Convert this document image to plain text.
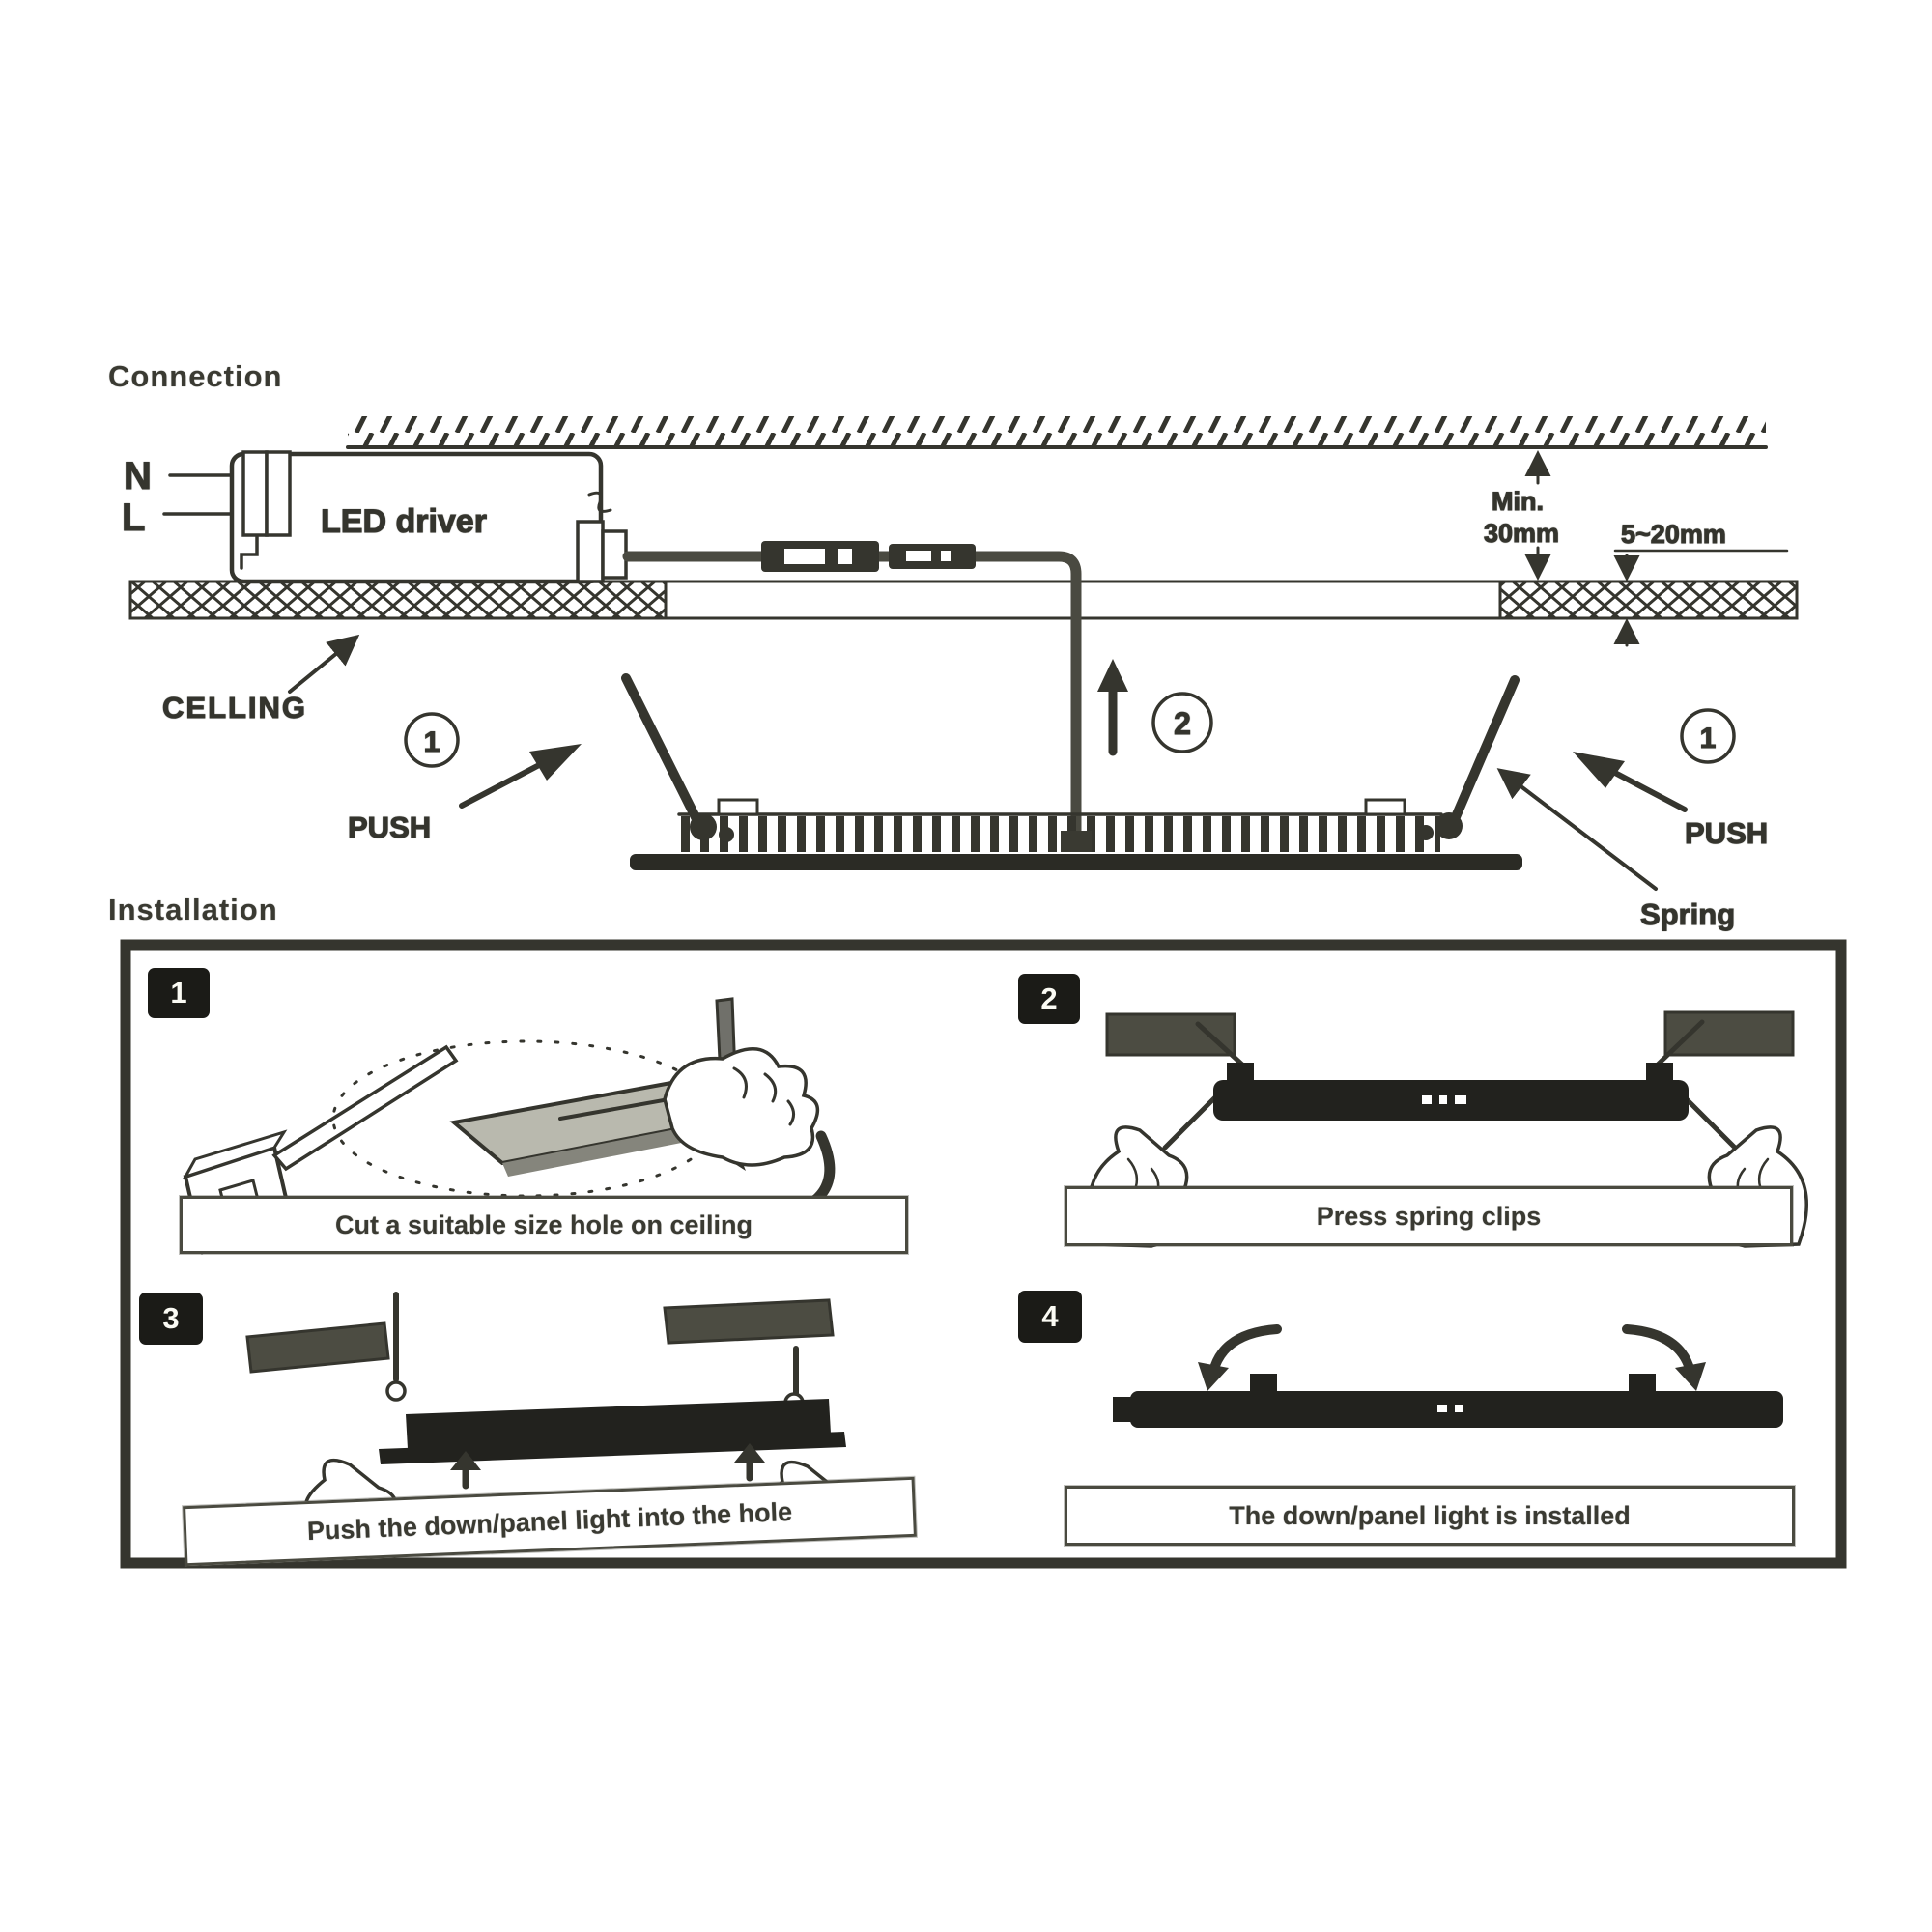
Connection
Installation
N
L	LED driver
Min.
30mm 5~20mm
2
CELLING
1	1
PUSH	PUSH
Spring
1	2
3	4
Cut a suitable size hole on ceiling	Press spring clips
Push the down/panel light into the hole	The down/panel light is installed
